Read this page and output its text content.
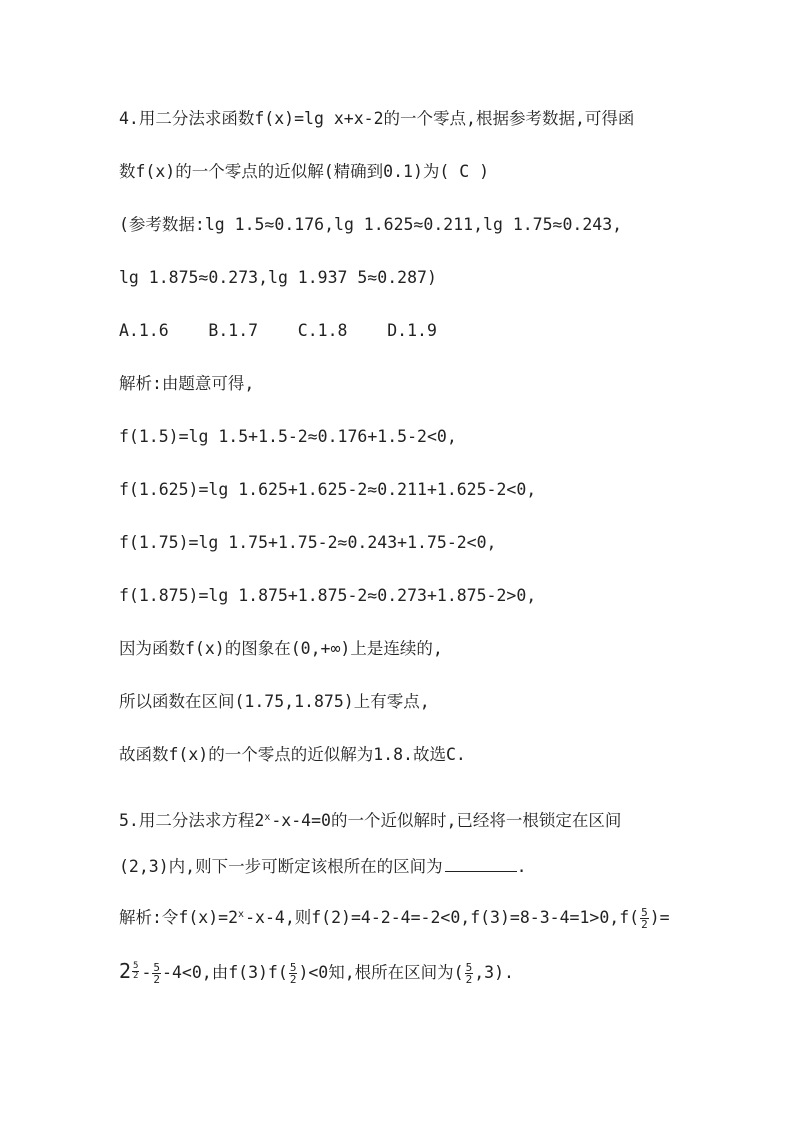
4.用二分法求函数f(x)=lg x+x-2的一个零点,根据参考数据,可得函
数f(x)的一个零点的近似解(精确到0.1)为( C )
(参考数据:lg 1.5≈0.176,lg 1.625≈0.211,lg 1.75≈0.243,
lg 1.875≈0.273,lg 1.937 5≈0.287)
A.1.6    B.1.7    C.1.8    D.1.9
解析:由题意可得,
f(1.5)=lg 1.5+1.5-2≈0.176+1.5-2<0,
f(1.625)=lg 1.625+1.625-2≈0.211+1.625-2<0,
f(1.75)=lg 1.75+1.75-2≈0.243+1.75-2<0,
f(1.875)=lg 1.875+1.875-2≈0.273+1.875-2>0,
因为函数f(x)的图象在(0,+∞)上是连续的,
所以函数在区间(1.75,1.875)上有零点,
故函数f(x)的一个零点的近似解为1.8.故选C.
5.用二分法求方程$2^x-x-4=0$的一个近似解时,已经将一根锁定在区间
(2,3)内,则下一步可断定该根所在的区间为	.
解析:令$f(x)=2^x-x-4$,则$f(2)=4-2-4=-2<0,f(3)=8-3-4=1>0,f( \frac{5}{2}$ )=
2 $^{\frac{5}{2}} - \frac{5}{2} -4<0$,由$f(3)f( \frac{5}{2} )<0$知,根所在区间为( $\frac{5}{2} ,3$).
